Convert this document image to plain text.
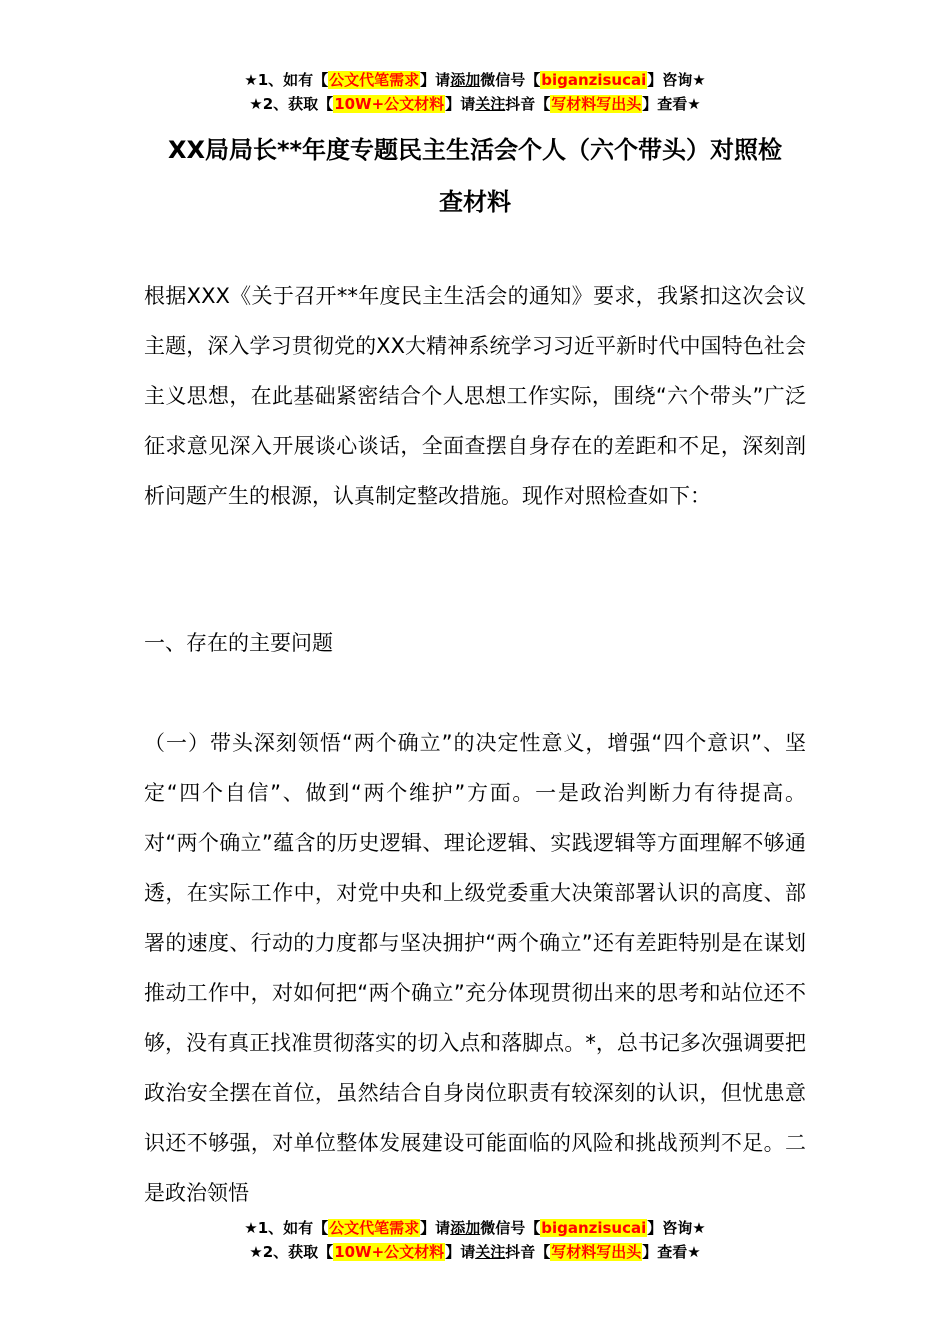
★1、如有【公文代笔需求】请添加微信号【biganzisucai】咨询★
★2、获取【10W+公文材料】请关注抖音【写材料写出头】查看★
XX局局长**年度专题民主生活会个人（六个带头）对照检
查材料

根据XXX《关于召开**年度民主生活会的通知》要求，我紧扣这次会议主题，深入学习贯彻党的XX大精神系统学习习近平新时代中国特色社会主义思想，在此基础紧密结合个人思想工作实际，围绕“六个带头”广泛征求意见深入开展谈心谈话，全面查摆自身存在的差距和不足，深刻剖析问题产生的根源，认真制定整改措施。现作对照检查如下：

一、存在的主要问题

（一）带头深刻领悟“两个确立”的决定性意义，增强“四个意识”、坚定“四个自信”、做到“两个维护”方面。一是政治判断力有待提高。对“两个确立”蕴含的历史逻辑、理论逻辑、实践逻辑等方面理解不够通透，在实际工作中，对党中央和上级党委重大决策部署认识的高度、部署的速度、行动的力度都与坚决拥护“两个确立”还有差距特别是在谋划推动工作中，对如何把“两个确立”充分体现贯彻出来的思考和站位还不够，没有真正找准贯彻落实的切入点和落脚点。*，总书记多次强调要把政治安全摆在首位，虽然结合自身岗位职责有较深刻的认识，但忧患意识还不够强，对单位整体发展建设可能面临的风险和挑战预判不足。二是政治领悟

★1、如有【公文代笔需求】请添加微信号【biganzisucai】咨询★
★2、获取【10W+公文材料】请关注抖音【写材料写出头】查看★
